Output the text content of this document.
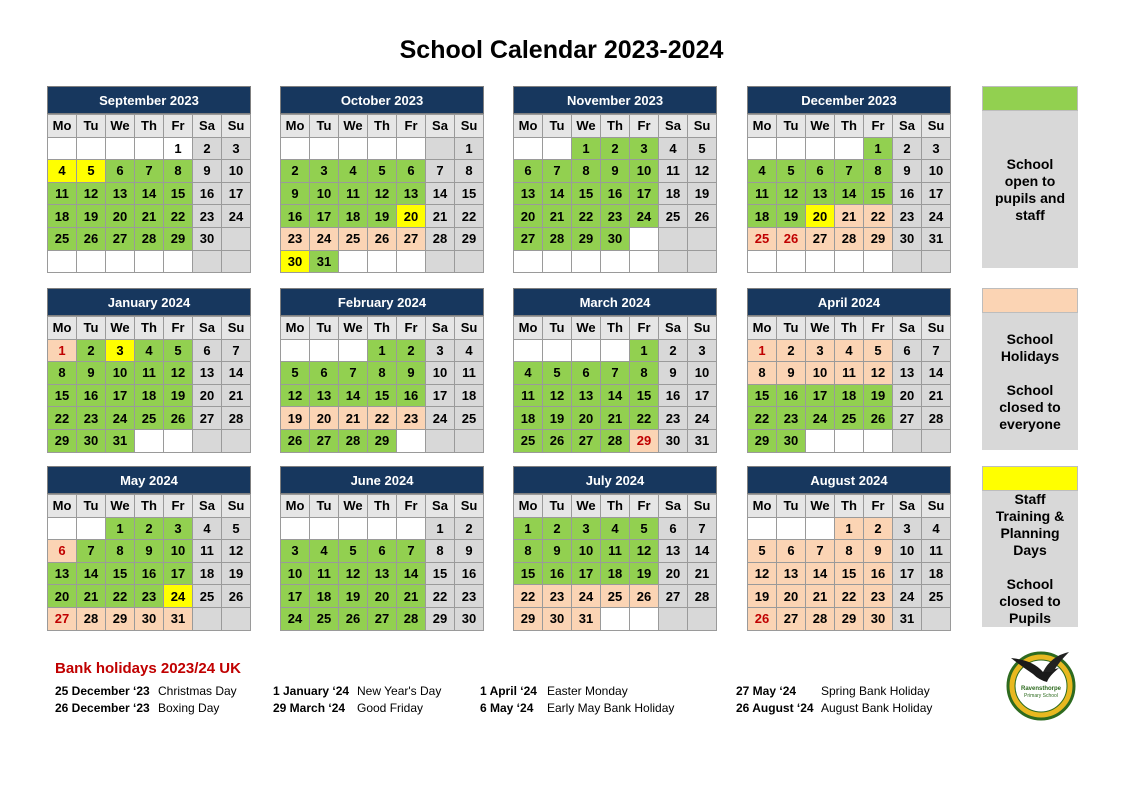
School Calendar 2023-2024
September 2023
Mo	Tu	We	Th	Fr	Sa	Su
				1	2	3
4	5	6	7	8	9	10
11	12	13	14	15	16	17
18	19	20	21	22	23	24
25	26	27	28	29	30	

October 2023
Mo	Tu	We	Th	Fr	Sa	Su
						1
2	3	4	5	6	7	8
9	10	11	12	13	14	15
16	17	18	19	20	21	22
23	24	25	26	27	28	29
30	31					
November 2023
Mo	Tu	We	Th	Fr	Sa	Su
		1	2	3	4	5
6	7	8	9	10	11	12
13	14	15	16	17	18	19
20	21	22	23	24	25	26
27	28	29	30			

December 2023
Mo	Tu	We	Th	Fr	Sa	Su
				1	2	3
4	5	6	7	8	9	10
11	12	13	14	15	16	17
18	19	20	21	22	23	24
25	26	27	28	29	30	31

January 2024
Mo	Tu	We	Th	Fr	Sa	Su
1	2	3	4	5	6	7
8	9	10	11	12	13	14
15	16	17	18	19	20	21
22	23	24	25	26	27	28
29	30	31				
February 2024
Mo	Tu	We	Th	Fr	Sa	Su
			1	2	3	4
5	6	7	8	9	10	11
12	13	14	15	16	17	18
19	20	21	22	23	24	25
26	27	28	29			
March 2024
Mo	Tu	We	Th	Fr	Sa	Su
				1	2	3
4	5	6	7	8	9	10
11	12	13	14	15	16	17
18	19	20	21	22	23	24
25	26	27	28	29	30	31
April 2024
Mo	Tu	We	Th	Fr	Sa	Su
1	2	3	4	5	6	7
8	9	10	11	12	13	14
15	16	17	18	19	20	21
22	23	24	25	26	27	28
29	30					
May 2024
Mo	Tu	We	Th	Fr	Sa	Su
		1	2	3	4	5
6	7	8	9	10	11	12
13	14	15	16	17	18	19
20	21	22	23	24	25	26
27	28	29	30	31		
June 2024
Mo	Tu	We	Th	Fr	Sa	Su
					1	2
3	4	5	6	7	8	9
10	11	12	13	14	15	16
17	18	19	20	21	22	23
24	25	26	27	28	29	30
July 2024
Mo	Tu	We	Th	Fr	Sa	Su
1	2	3	4	5	6	7
8	9	10	11	12	13	14
15	16	17	18	19	20	21
22	23	24	25	26	27	28
29	30	31				
August 2024
Mo	Tu	We	Th	Fr	Sa	Su
			1	2	3	4
5	6	7	8	9	10	11
12	13	14	15	16	17	18
19	20	21	22	23	24	25
26	27	28	29	30	31	
School
open to
pupils and
staff
School
Holidays
School
closed to
everyone
Staff
Training &
Planning
Days
School
closed to
Pupils
Bank holidays 2023/24 UK
25 December ‘23 Christmas Day
26 December ‘23 Boxing Day
1 January ‘24 New Year's Day
29 March ‘24 Good Friday
1 April ‘24 Easter Monday
6 May ‘24 Early May Bank Holiday
27 May ‘24 Spring Bank Holiday
26 August ‘24 August Bank Holiday
Ravensthorpe
Primary School
